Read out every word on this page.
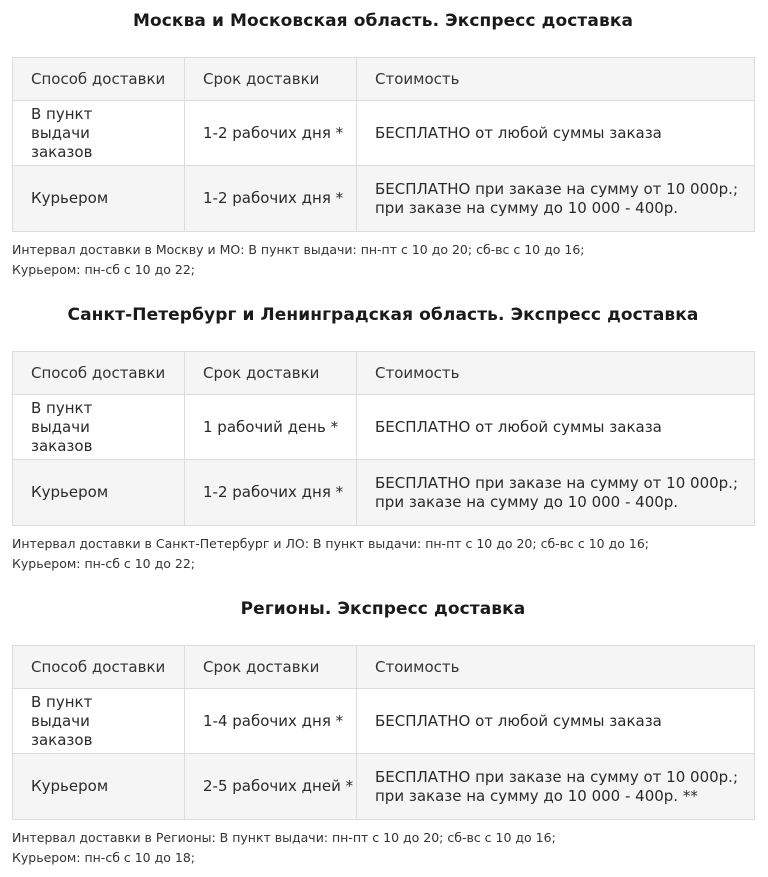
Москва и Московская область. Экспресс доставка
Способ доставки	Срок доставки	Стоимость
В пункт выдачи заказов	1-2 рабочих дня *	БЕСПЛАТНО от любой суммы заказа

Курьером	1-2 рабочих дня *	БЕСПЛАТНО при заказе на сумму от 10 000р.;
при заказе на сумму до 10 000 - 400р.
Интервал доставки в Москву и МО: В пункт выдачи: пн-пт с 10 до 20; сб-вс с 10 до 16;
Курьером: пн-сб с 10 до 22;
Санкт-Петербург и Ленинградская область. Экспресс доставка
Способ доставки	Срок доставки	Стоимость
В пункт выдачи заказов	1 рабочий день *	БЕСПЛАТНО от любой суммы заказа

Курьером	1-2 рабочих дня *	БЕСПЛАТНО при заказе на сумму от 10 000р.;
при заказе на сумму до 10 000 - 400р.
Интервал доставки в Санкт-Петербург и ЛО: В пункт выдачи: пн-пт с 10 до 20; сб-вс с 10 до 16;
Курьером: пн-сб с 10 до 22;
Регионы. Экспресс доставка
Способ доставки	Срок доставки	Стоимость
В пункт выдачи заказов	1-4 рабочих дня *	БЕСПЛАТНО от любой суммы заказа

Курьером	2-5 рабочих дней *	БЕСПЛАТНО при заказе на сумму от 10 000р.;
при заказе на сумму до 10 000 - 400р. **
Интервал доставки в Регионы: В пункт выдачи: пн-пт с 10 до 20; сб-вс с 10 до 16;
Курьером: пн-сб с 10 до 18;
